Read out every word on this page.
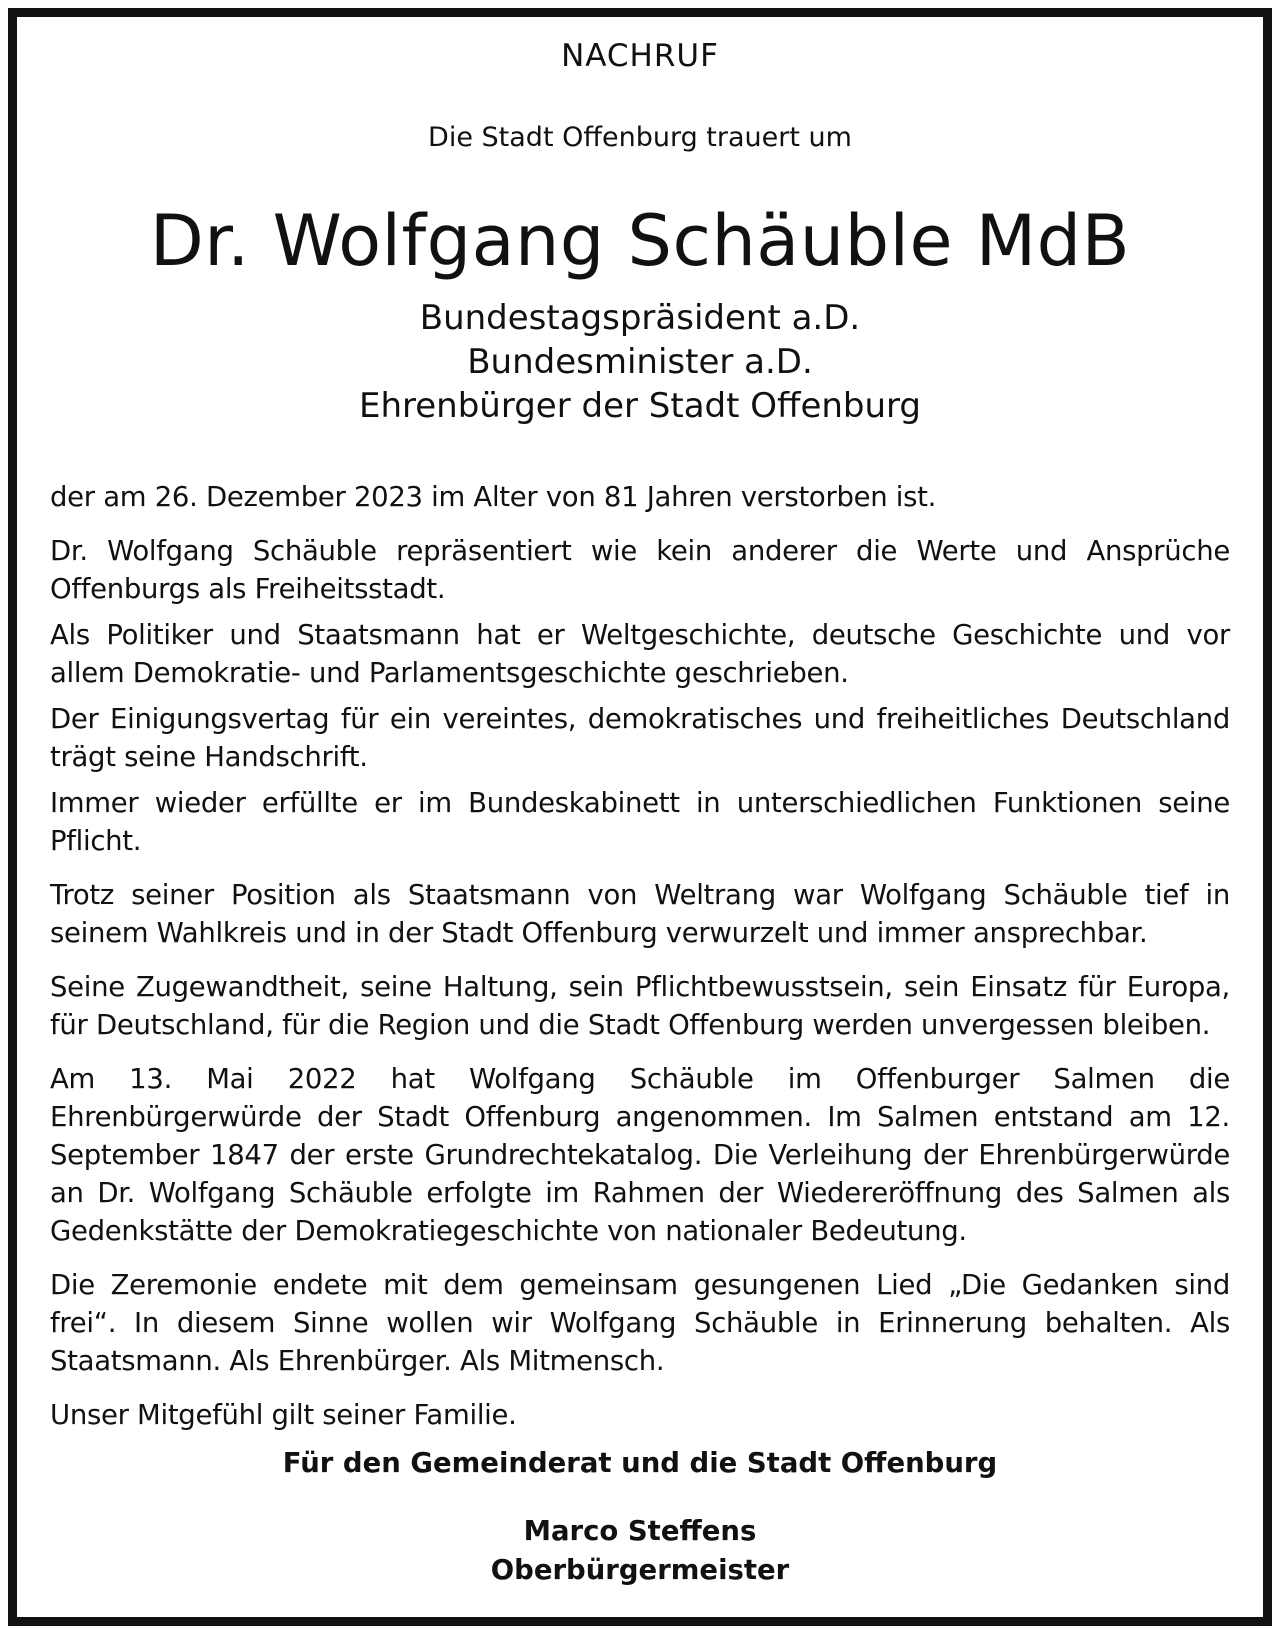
NACHRUF
Die Stadt Offenburg trauert um
Dr. Wolfgang Schäuble MdB
Bundestagspräsident a.D.
Bundesminister a.D.
Ehrenbürger der Stadt Offenburg

der am 26. Dezember 2023 im Alter von 81 Jahren verstorben ist.

Dr. Wolfgang Schäuble repräsentiert wie kein anderer die Werte und Ansprüche Offenburgs als Freiheitsstadt.

Als Politiker und Staatsmann hat er Weltgeschichte, deutsche Geschichte und vor allem Demokratie- und Parlamentsgeschichte geschrieben.

Der Einigungsvertag für ein vereintes, demokratisches und freiheitliches Deutschland trägt seine Handschrift.

Immer wieder erfüllte er im Bundeskabinett in unterschiedlichen Funktionen seine Pflicht.

Trotz seiner Position als Staatsmann von Weltrang war Wolfgang Schäuble tief in seinem Wahlkreis und in der Stadt Offenburg verwurzelt und immer ansprechbar.

Seine Zugewandtheit, seine Haltung, sein Pflichtbewusstsein, sein Einsatz für Europa, für Deutschland, für die Region und die Stadt Offenburg werden unvergessen bleiben.

Am 13. Mai 2022 hat Wolfgang Schäuble im Offenburger Salmen die Ehrenbürgerwürde der Stadt Offenburg angenommen. Im Salmen entstand am 12. September 1847 der erste Grundrechtekatalog. Die Verleihung der Ehrenbürgerwürde an Dr. Wolfgang Schäuble erfolgte im Rahmen der Wiedereröffnung des Salmen als Gedenkstätte der Demokratiegeschichte von nationaler Bedeutung.

Die Zeremonie endete mit dem gemeinsam gesungenen Lied „Die Gedanken sind frei“. In diesem Sinne wollen wir Wolfgang Schäuble in Erinnerung behalten. Als Staatsmann. Als Ehrenbürger. Als Mitmensch.

Unser Mitgefühl gilt seiner Familie.

Für den Gemeinderat und die Stadt Offenburg
Marco Steffens
Oberbürgermeister
